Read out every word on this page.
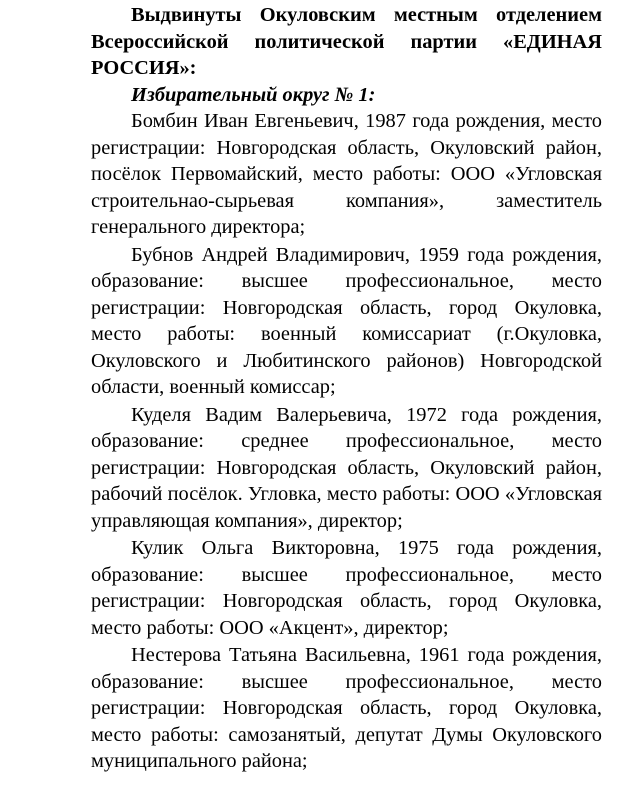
Выдвинуты Окуловским местным отделением Всероссийской политической партии «ЕДИНАЯ РОССИЯ»:

Избирательный округ № 1:

Бомбин Иван Евгеньевич, 1987 года рождения, место регистрации: Новгородская область, Окуловский район, посёлок Первомайский, место работы: ООО «Угловская строительнао-сырьевая компания», заместитель генерального директора;

Бубнов Андрей Владимирович, 1959 года рождения, образование: высшее профессиональное, место регистрации: Новгородская область, город Окуловка, место работы: военный комиссариат (г.Окуловка, Окуловского и Любитинского районов) Новгородской области, военный комиссар;

Куделя Вадим Валерьевича, 1972 года рождения, образование: среднее профессиональное, место регистрации: Новгородская область, Окуловский район, рабочий посёлок. Угловка, место работы: ООО «Угловская управляющая компания», директор;

Кулик Ольга Викторовна, 1975 года рождения, образование: высшее профессиональное, место регистрации: Новгородская область, город Окуловка, место работы: ООО «Акцент», директор;

Нестерова Татьяна Васильевна, 1961 года рождения, образование: высшее профессиональное, место регистрации: Новгородская область, город Окуловка, место работы: самозанятый, депутат Думы Окуловского муниципального района;
